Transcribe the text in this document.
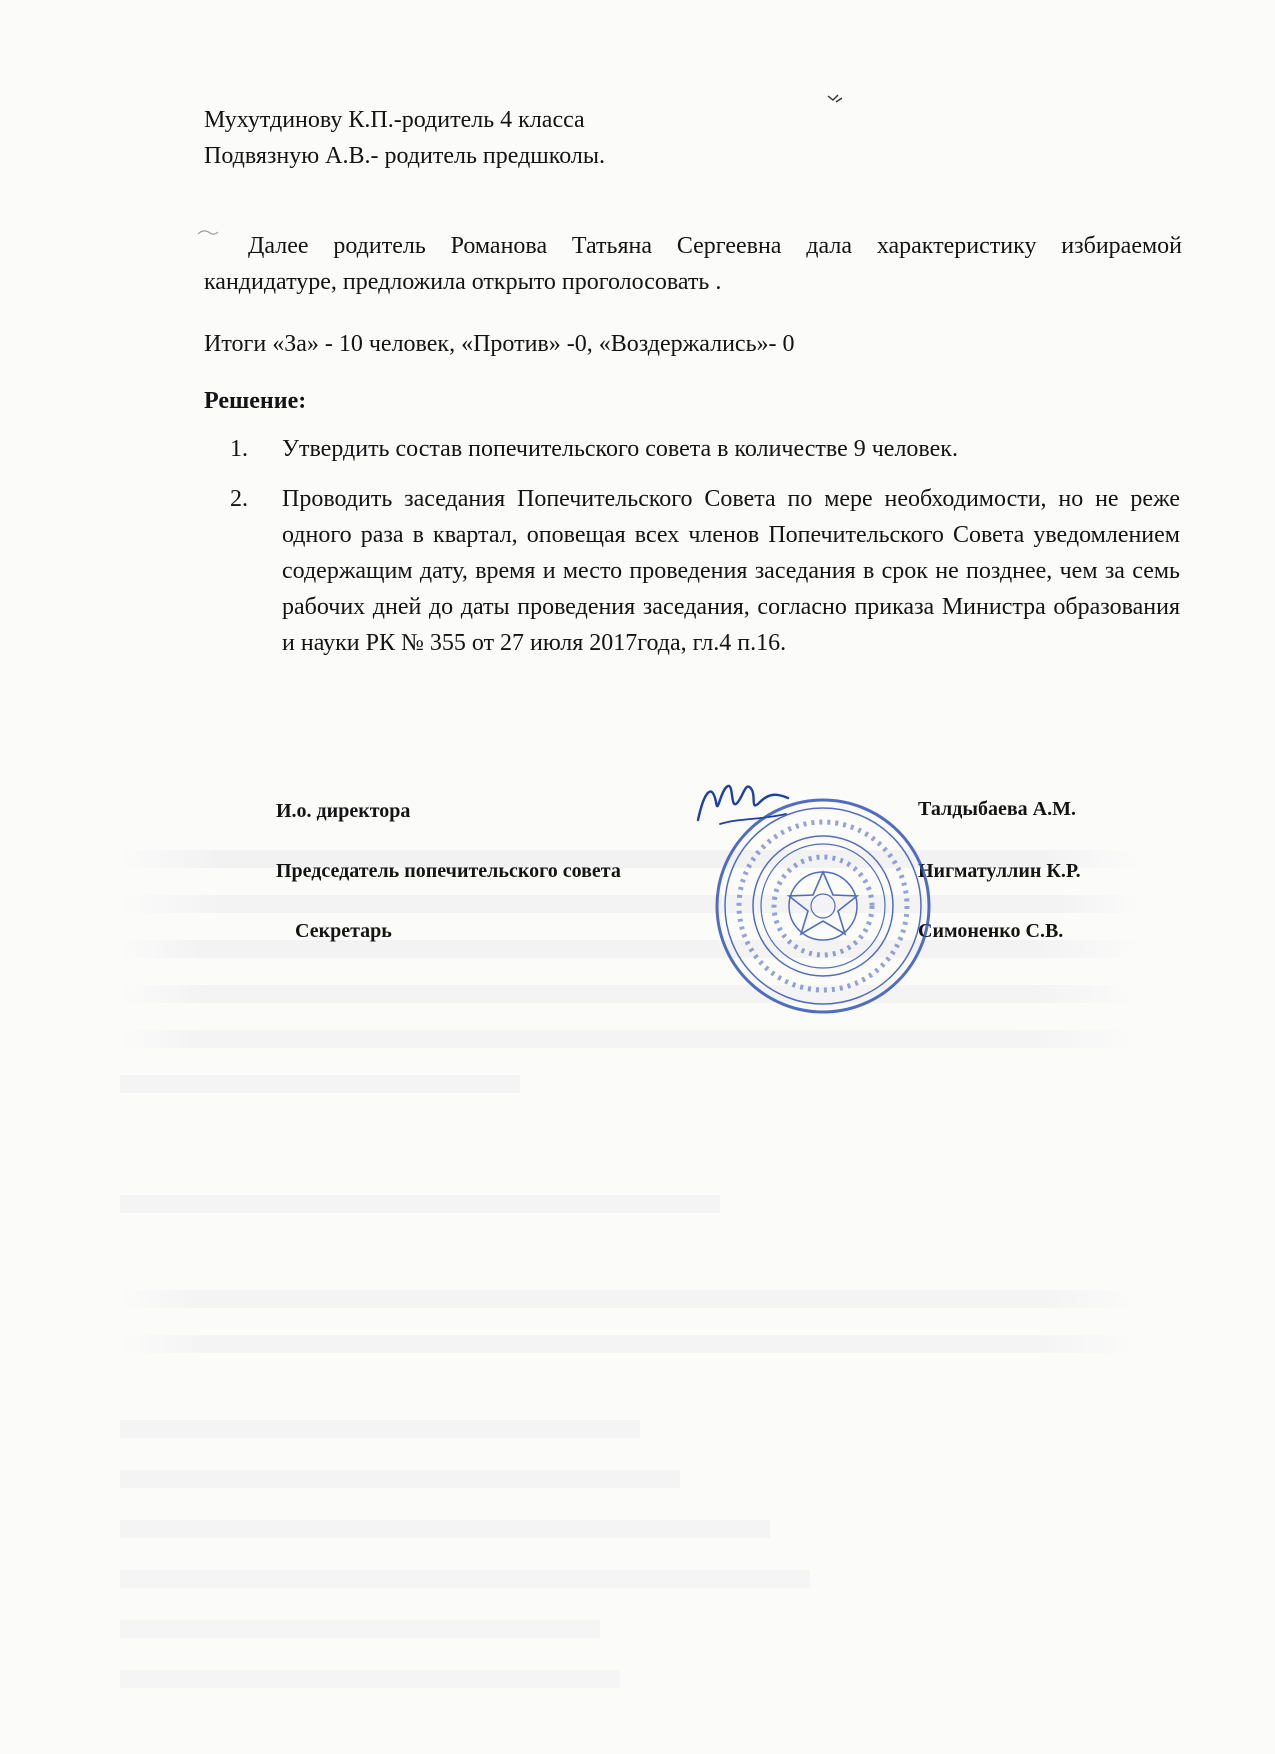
Мухутдинову К.П.-родитель 4 класса
Подвязную А.В.- родитель предшколы.
Далее родитель Романова Татьяна Сергеевна дала характеристику избираемой кандидатуре, предложила открыто проголосовать .
Итоги «За» - 10 человек, «Против» -0, «Воздержались»- 0
Решение:
1. Утвердить состав попечительского совета в количестве 9 человек.
2. Проводить заседания Попечительского Совета по мере необходимости, но не реже одного раза в квартал, оповещая всех членов Попечительского Совета уведомлением содержащим дату, время и место проведения заседания в срок не позднее, чем за семь рабочих дней до даты проведения заседания, согласно приказа Министра образования и науки РК № 355 от 27 июля 2017года, гл.4 п.16.
И.о. директора	Талдыбаева А.М.
Председатель попечительского совета	Нигматуллин К.Р.
Секретарь	Симоненко С.В.
